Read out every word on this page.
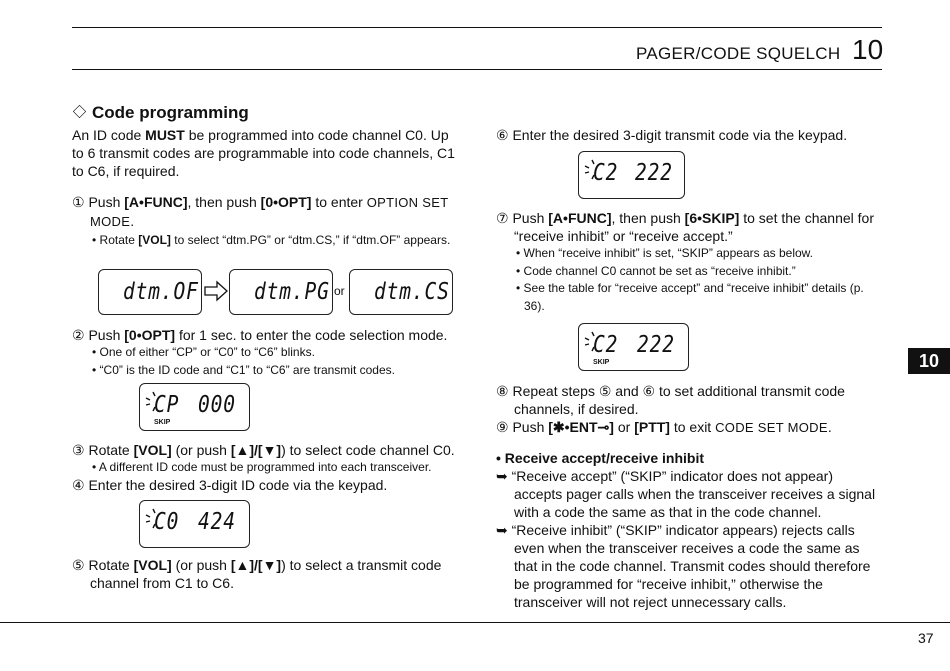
PAGER/CODE SQUELCH 10
Code programming
An ID code MUST be programmed into code channel C0. Up to 6 transmit codes are programmable into code channels, C1 to C6, if required.
① Push [A•FUNC], then push [0•OPT] to enter OPTION SET MODE.
• Rotate [VOL] to select “dtm.PG” or “dtm.CS,” if “dtm.OF” appears.
dtm.OF dtm.PG or dtm.CS
② Push [0•OPT] for 1 sec. to enter the code selection mode.
• One of either “CP” or “C0” to “C6” blinks.
• “C0” is the ID code and “C1” to “C6” are transmit codes.
CP 000
SKIP
③ Rotate [VOL] (or push [▲]/[▼]) to select code channel C0.
• A different ID code must be programmed into each transceiver.
④ Enter the desired 3-digit ID code via the keypad.
C0 424
⑤ Rotate [VOL] (or push [▲]/[▼]) to select a transmit code channel from C1 to C6.
⑥ Enter the desired 3-digit transmit code via the keypad.
C2 222
⑦ Push [A•FUNC], then push [6•SKIP] to set the channel for “receive inhibit” or “receive accept.”
• When “receive inhibit” is set, “SKIP” appears as below.
• Code channel C0 cannot be set as “receive inhibit.”
• See the table for “receive accept” and “receive inhibit” details (p. 36).
C2 222
SKIP
⑧ Repeat steps ⑤ and ⑥ to set additional transmit code channels, if desired.
⑨ Push [✱•ENT⊸] or [PTT] to exit CODE SET MODE.
• Receive accept/receive inhibit
➥ “Receive accept” (“SKIP” indicator does not appear) accepts pager calls when the transceiver receives a signal with a code the same as that in the code channel.
➥ “Receive inhibit” (“SKIP” indicator appears) rejects calls even when the transceiver receives a code the same as that in the code channel. Transmit codes should therefore be programmed for “receive inhibit,” otherwise the transceiver will not reject unnecessary calls.
10
37
